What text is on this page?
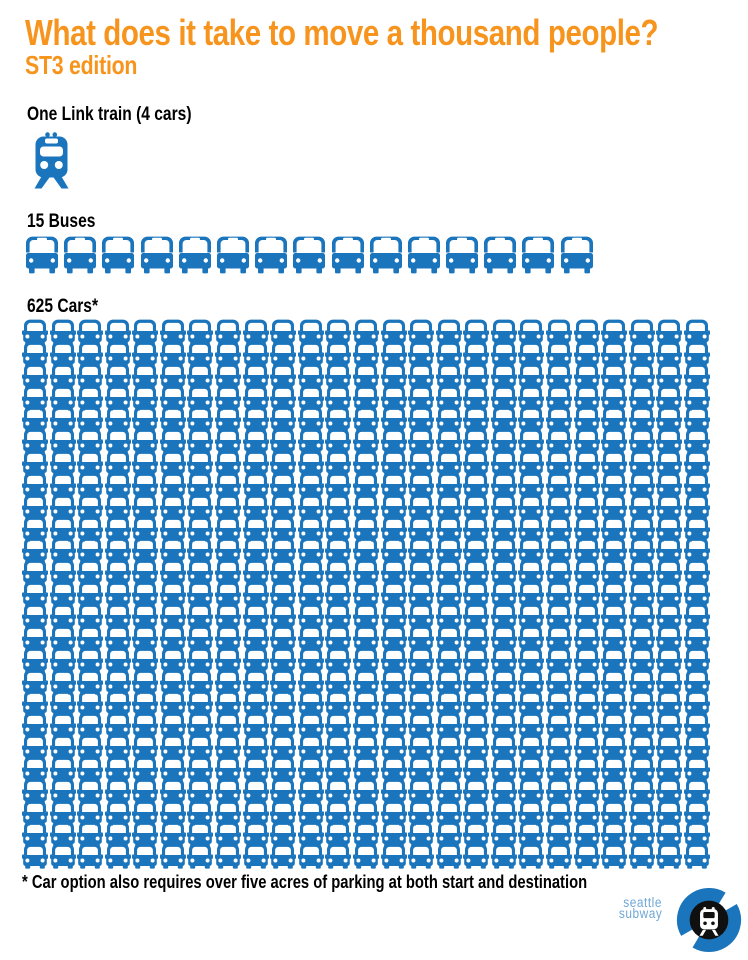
What does it take to move a thousand people?
ST3 edition
One Link train (4 cars)
15 Buses
625 Cars*
* Car option also requires over five acres of parking at both start and destination
seattle
subway
